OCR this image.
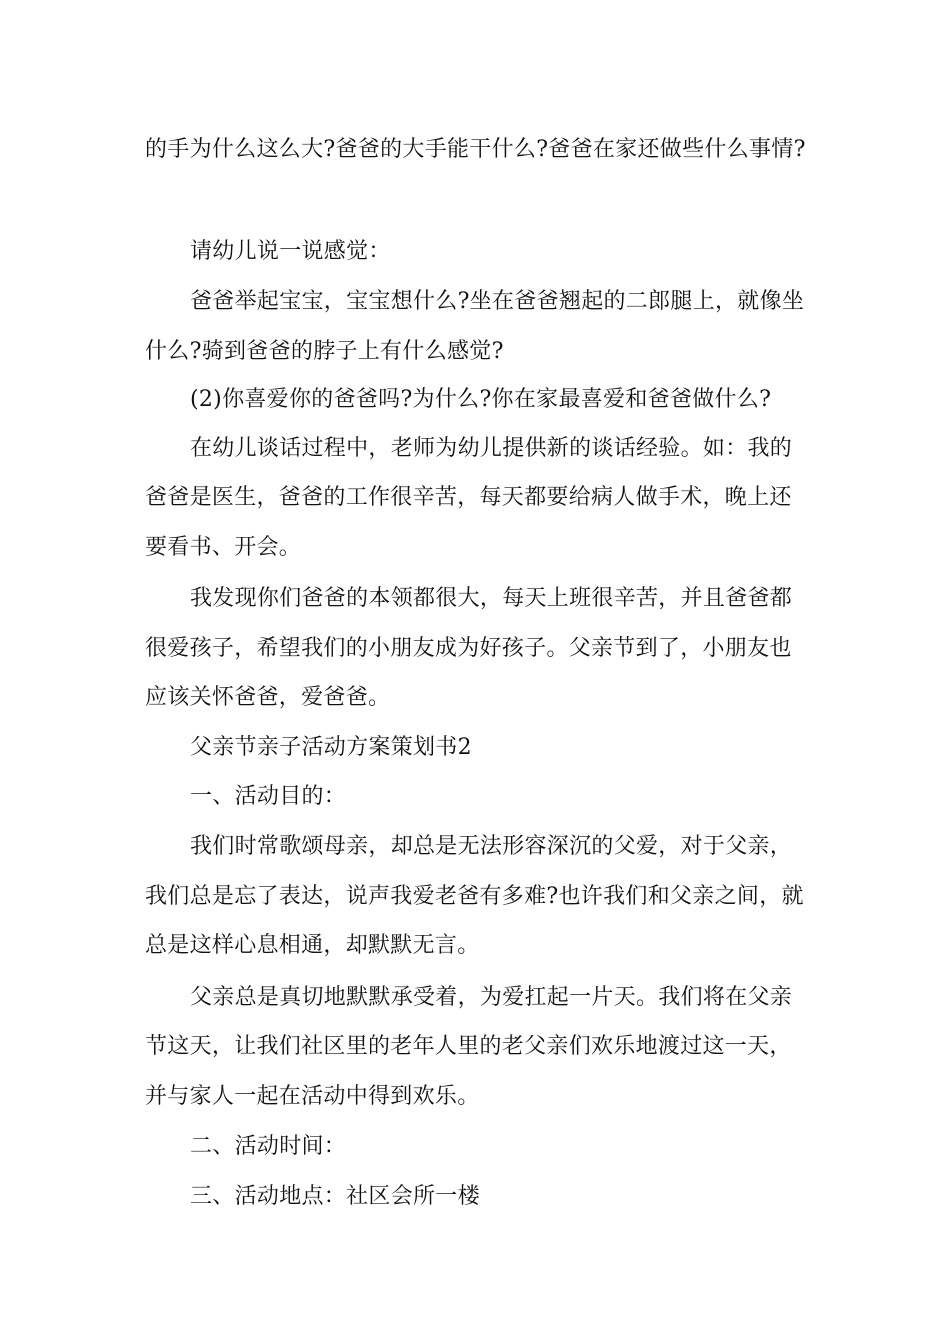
的手为什么这么大?爸爸的大手能干什么?爸爸在家还做些什么事情?
请幼儿说一说感觉：
爸爸举起宝宝，宝宝想什么?坐在爸爸翘起的二郎腿上，就像坐
什么?骑到爸爸的脖子上有什么感觉?
(2)你喜爱你的爸爸吗?为什么?你在家最喜爱和爸爸做什么?
在幼儿谈话过程中，老师为幼儿提供新的谈话经验。如：我的
爸爸是医生，爸爸的工作很辛苦，每天都要给病人做手术，晚上还
要看书、开会。
我发现你们爸爸的本领都很大，每天上班很辛苦，并且爸爸都
很爱孩子，希望我们的小朋友成为好孩子。父亲节到了，小朋友也
应该关怀爸爸，爱爸爸。
父亲节亲子活动方案策划书2
一、活动目的：
我们时常歌颂母亲，却总是无法形容深沉的父爱，对于父亲，
我们总是忘了表达，说声我爱老爸有多难?也许我们和父亲之间，就
总是这样心息相通，却默默无言。
父亲总是真切地默默承受着，为爱扛起一片天。我们将在父亲
节这天，让我们社区里的老年人里的老父亲们欢乐地渡过这一天，
并与家人一起在活动中得到欢乐。
二、活动时间：
三、活动地点：社区会所一楼
